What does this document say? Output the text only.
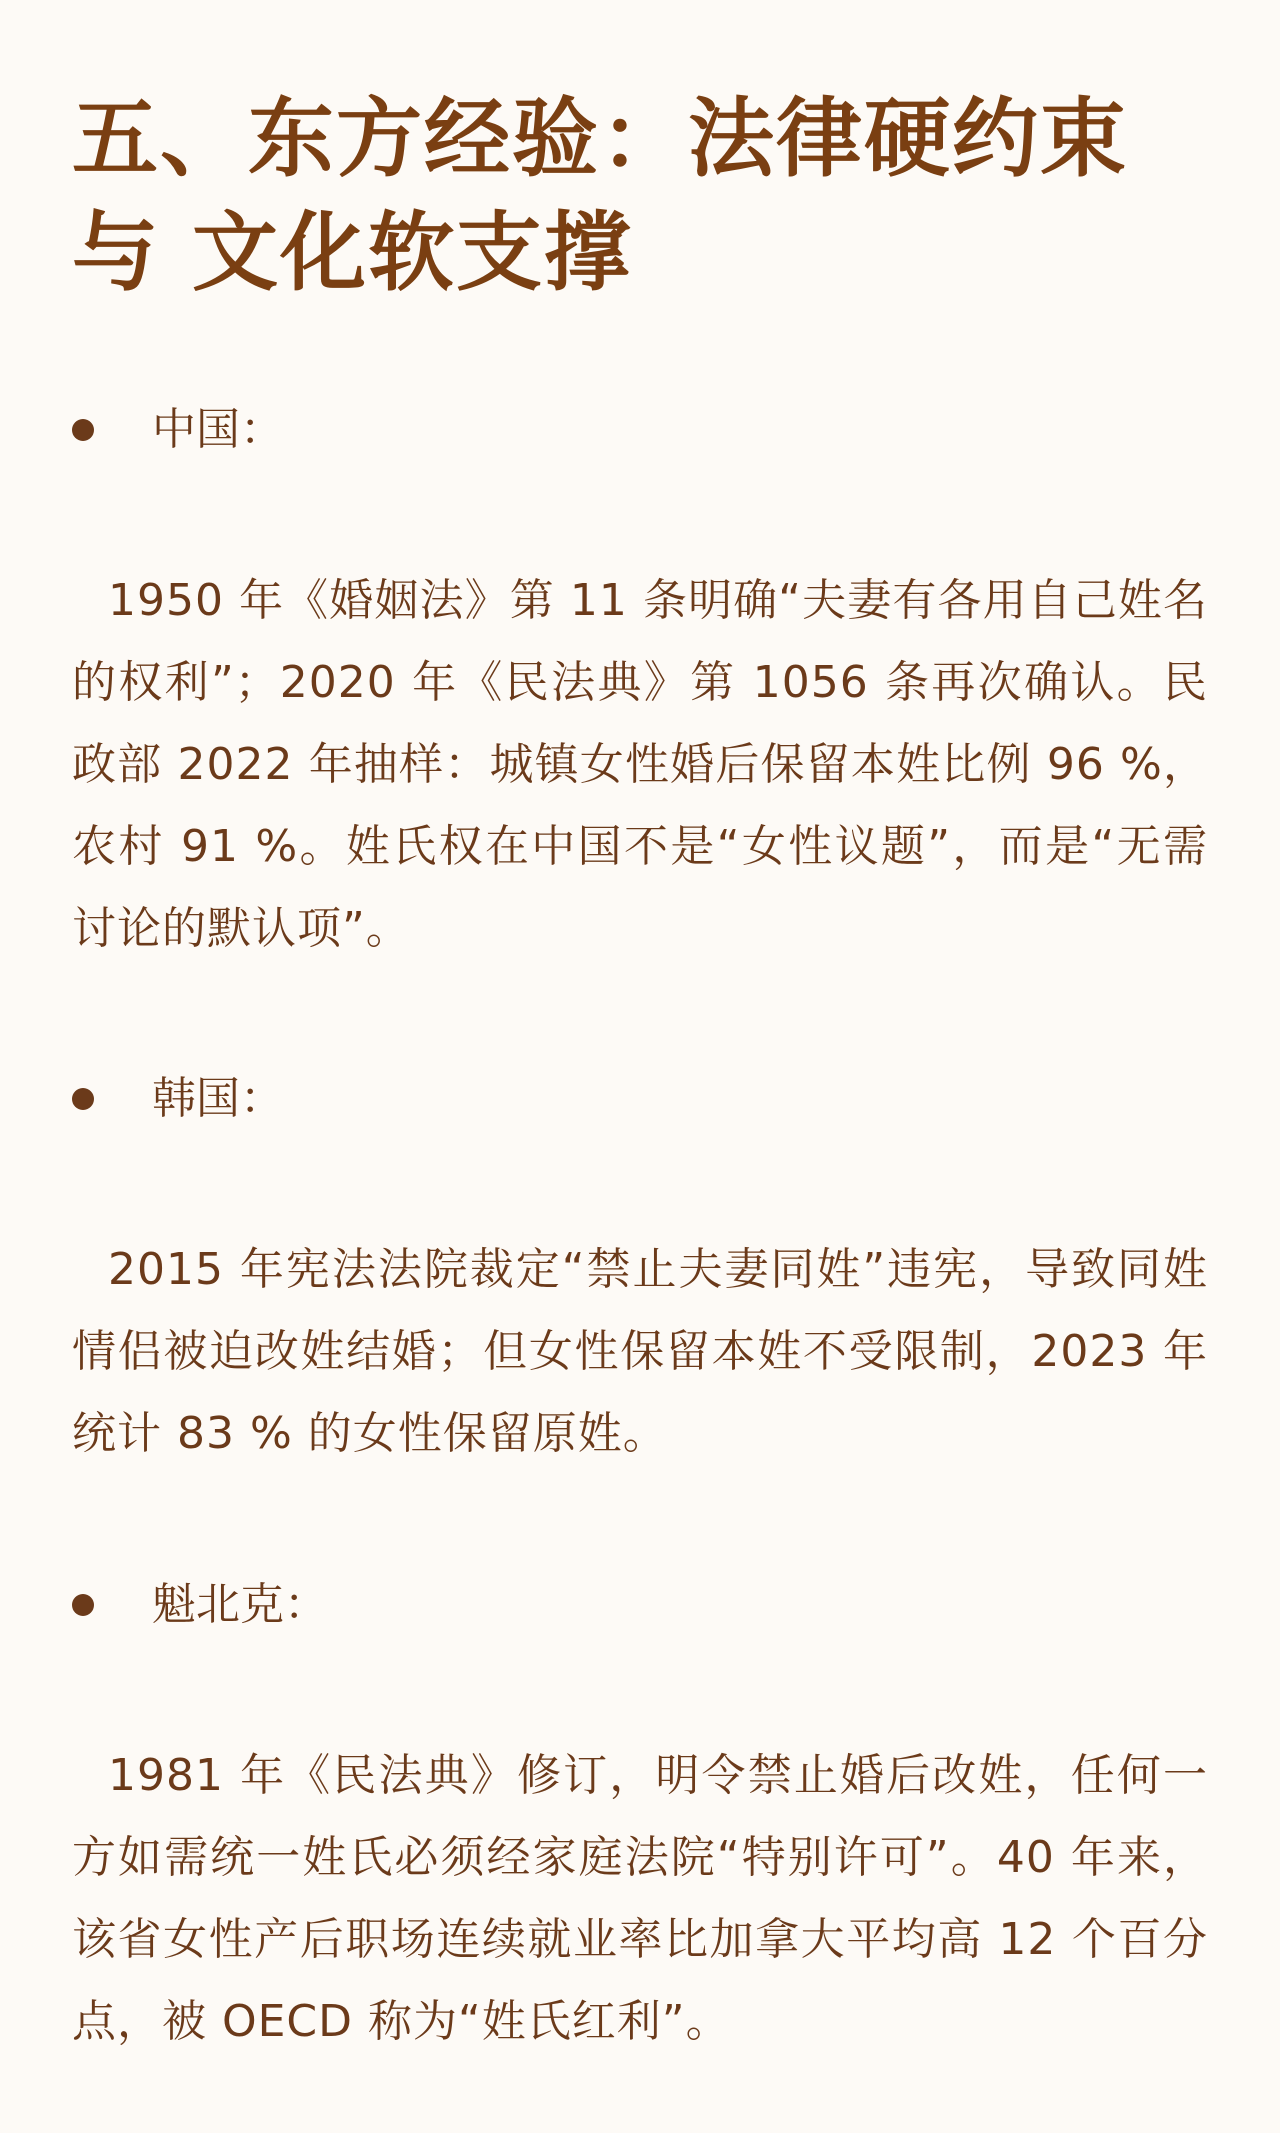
五、东方经验：法律硬约束与 文化软支撑
中国：

1950 年《婚姻法》第 11 条明确“夫妻有各用自己姓名的权利”；2020 年《民法典》第 1056 条再次确认。民政部 2022 年抽样：城镇女性婚后保留本姓比例 96 %，农村 91 %。姓氏权在中国不是“女性议题”，而是“无需讨论的默认项”。

韩国：

2015 年宪法法院裁定“禁止夫妻同姓”违宪，导致同姓情侣被迫改姓结婚；但女性保留本姓不受限制，2023 年统计 83 % 的女性保留原姓。

魁北克：

1981 年《民法典》修订，明令禁止婚后改姓，任何一方如需统一姓氏必须经家庭法院“特别许可”。40 年来，该省女性产后职场连续就业率比加拿大平均高 12 个百分点，被 OECD 称为“姓氏红利”。
